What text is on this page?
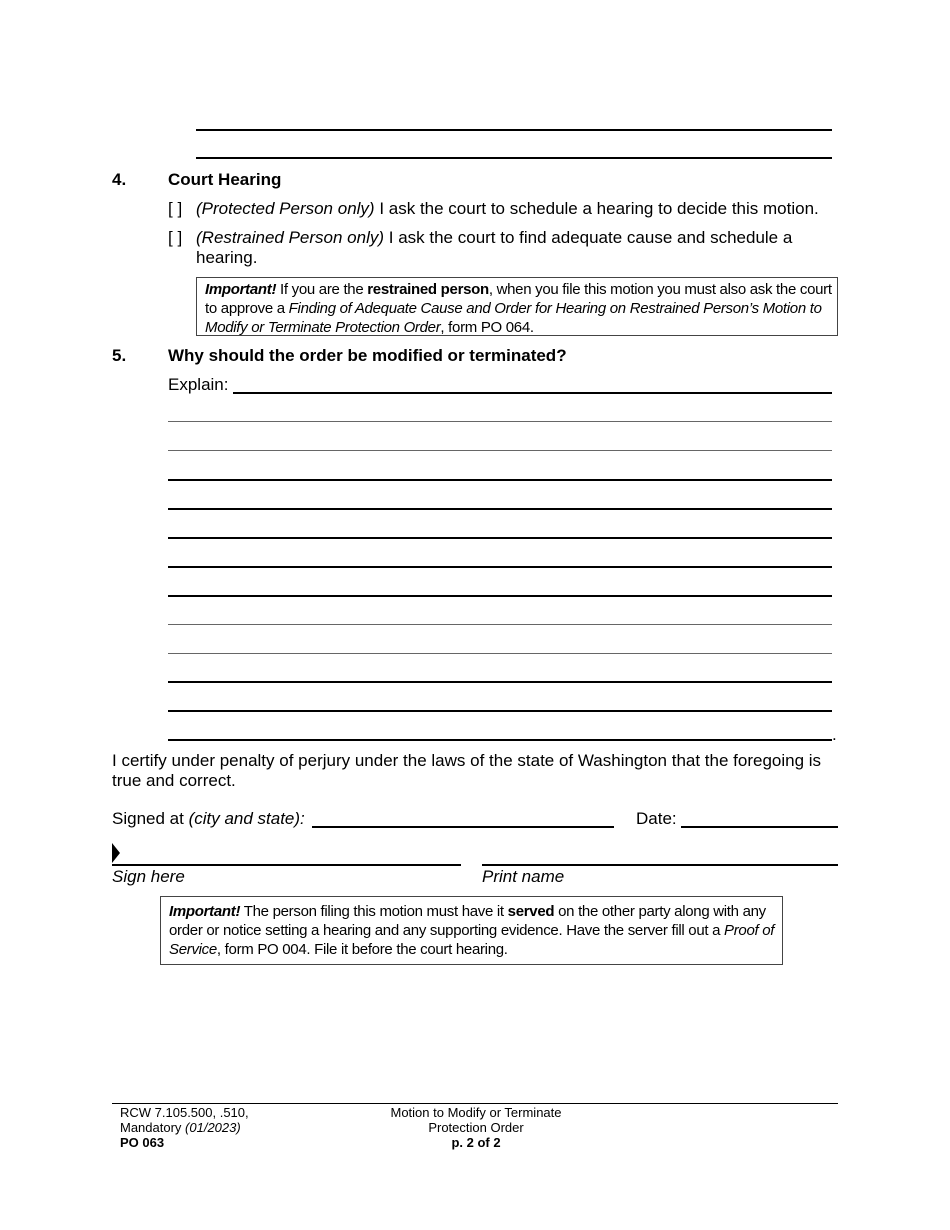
4. Court Hearing
[ ] (Protected Person only) I ask the court to schedule a hearing to decide this motion.
[ ] (Restrained Person only) I ask the court to find adequate cause and schedule a
hearing.
Important! If you are the restrained person, when you file this motion you must also ask the court
to approve a Finding of Adequate Cause and Order for Hearing on Restrained Person’s Motion to
Modify or Terminate Protection Order, form PO 064.
5. Why should the order be modified or terminated?
Explain:
.
I certify under penalty of perjury under the laws of the state of Washington that the foregoing is
true and correct.
Signed at (city and state):	Date:
Sign here	Print name
Important! The person filing this motion must have it served on the other party along with any
order or notice setting a hearing and any supporting evidence. Have the server fill out a Proof of
Service, form PO 004. File it before the court hearing.
RCW 7.105.500, .510,
Mandatory (01/2023)
PO 063
Motion to Modify or Terminate
Protection Order
p. 2 of 2
